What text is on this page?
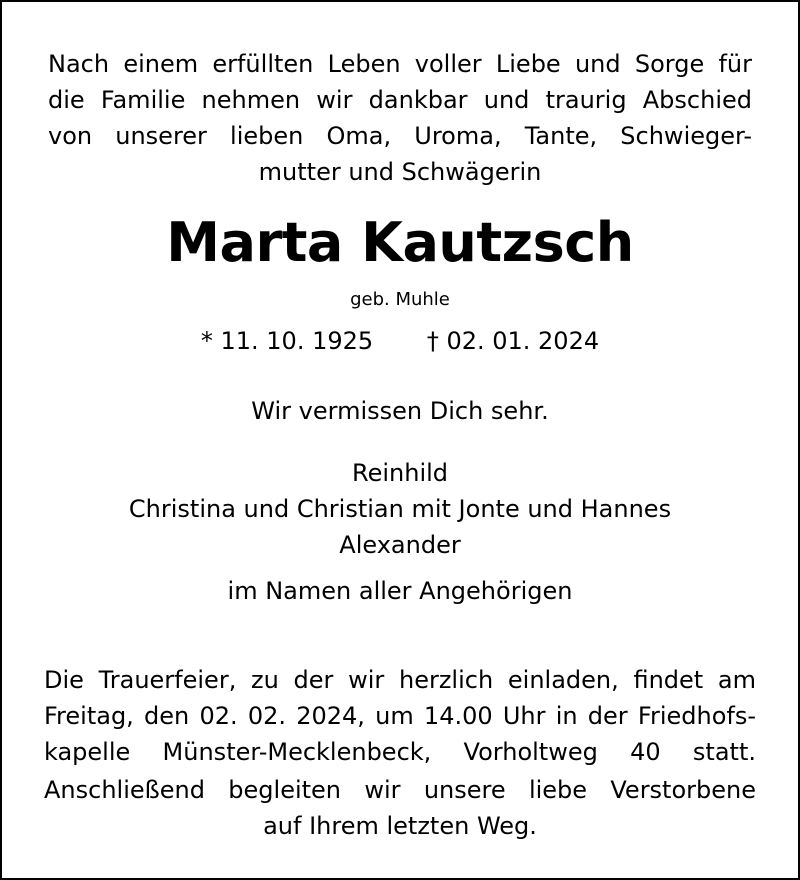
Nach einem erfüllten Leben voller Liebe und Sorge für
die Familie nehmen wir dankbar und traurig Abschied
von unserer lieben Oma, Uroma, Tante, Schwieger-
mutter und Schwägerin
Marta Kautzsch
geb. Muhle
* 11. 10. 1925 † 02. 01. 2024
Wir vermissen Dich sehr.
Reinhild
Christina und Christian mit Jonte und Hannes
Alexander
im Namen aller Angehörigen
Die Trauerfeier, zu der wir herzlich einladen, findet am
Freitag, den 02. 02. 2024, um 14.00 Uhr in der Friedhofs-
kapelle Münster-Mecklenbeck, Vorholtweg 40 statt.
Anschließend begleiten wir unsere liebe Verstorbene
auf Ihrem letzten Weg.
